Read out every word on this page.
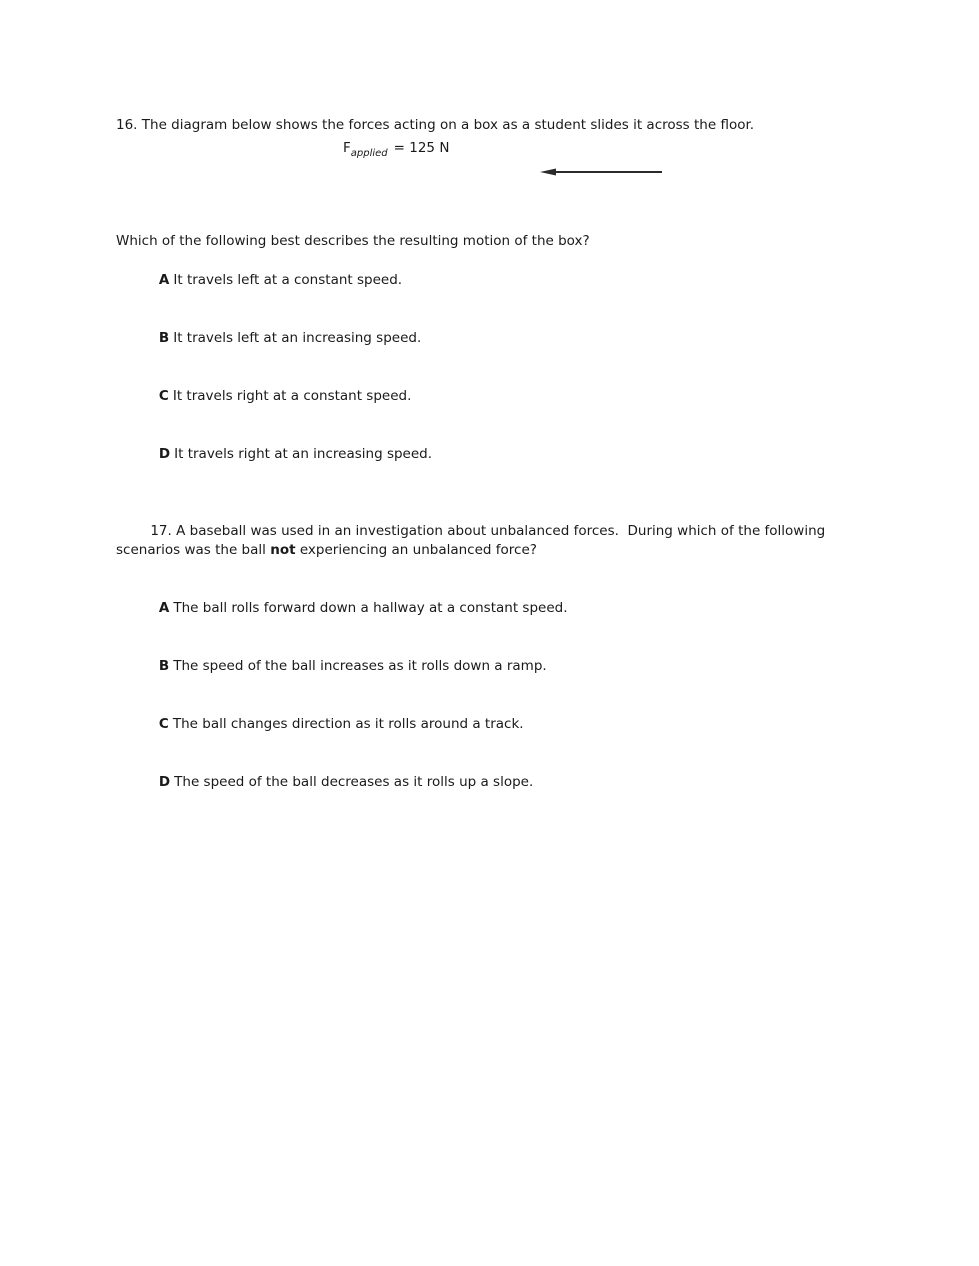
16. The diagram below shows the forces acting on a box as a student slides it across the floor.
$F_{applied} = 125$ N
Which of the following best describes the resulting motion of the box?

A It travels left at a constant speed.

B It travels left at an increasing speed.

C It travels right at a constant speed.

D It travels right at an increasing speed.

17. A baseball was used in an investigation about unbalanced forces.  During which of the following scenarios was the ball not experiencing an unbalanced force?

A The ball rolls forward down a hallway at a constant speed.

B The speed of the ball increases as it rolls down a ramp.

C The ball changes direction as it rolls around a track.

D The speed of the ball decreases as it rolls up a slope.
